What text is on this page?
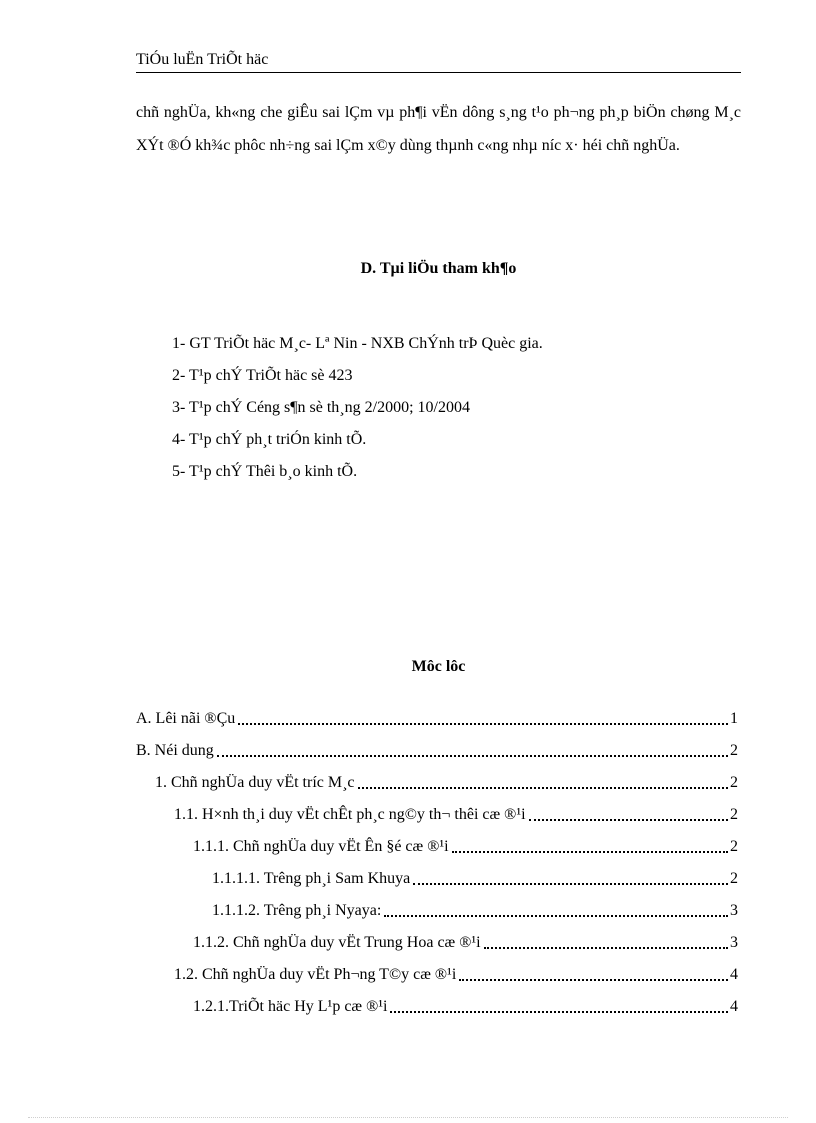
TiÓu luËn TriÕt häc

chñ nghÜa, kh«ng che giÊu sai lÇm vµ ph¶i vËn dông s¸ng t¹o ph¬ng ph¸p biÖn chøng M¸c XÝt ®Ó kh¾c phôc nh÷ng sai lÇm x©y dùng thµnh c«ng nhµ níc x· héi chñ nghÜa.

D. Tµi liÖu tham kh¶o
1- GT TriÕt häc M¸c- Lª Nin - NXB ChÝnh trÞ Quèc gia.
2- T¹p chÝ TriÕt häc sè 423
3- T¹p chÝ Céng s¶n sè th¸ng 2/2000; 10/2004
4- T¹p chÝ ph¸t triÓn kinh tÕ.
5- T¹p chÝ Thêi b¸o kinh tÕ.
Môc lôc
A. Lêi nãi ®Çu	1
B. Néi dung	2
1. Chñ nghÜa duy vËt tríc M¸c	2
1.1. H×nh th¸i duy vËt chÊt ph¸c ng©y th¬ thêi cæ ®¹i	2
1.1.1. Chñ nghÜa duy vËt Ên §é cæ ®¹i	2
1.1.1.1. Trêng ph¸i Sam Khuya	2
1.1.1.2. Trêng ph¸i Nyaya:	3
1.1.2. Chñ nghÜa duy vËt Trung Hoa cæ ®¹i	3
1.2. Chñ nghÜa duy vËt Ph¬ng T©y cæ ®¹i	4
1.2.1.TriÕt häc Hy L¹p cæ ®¹i	4
